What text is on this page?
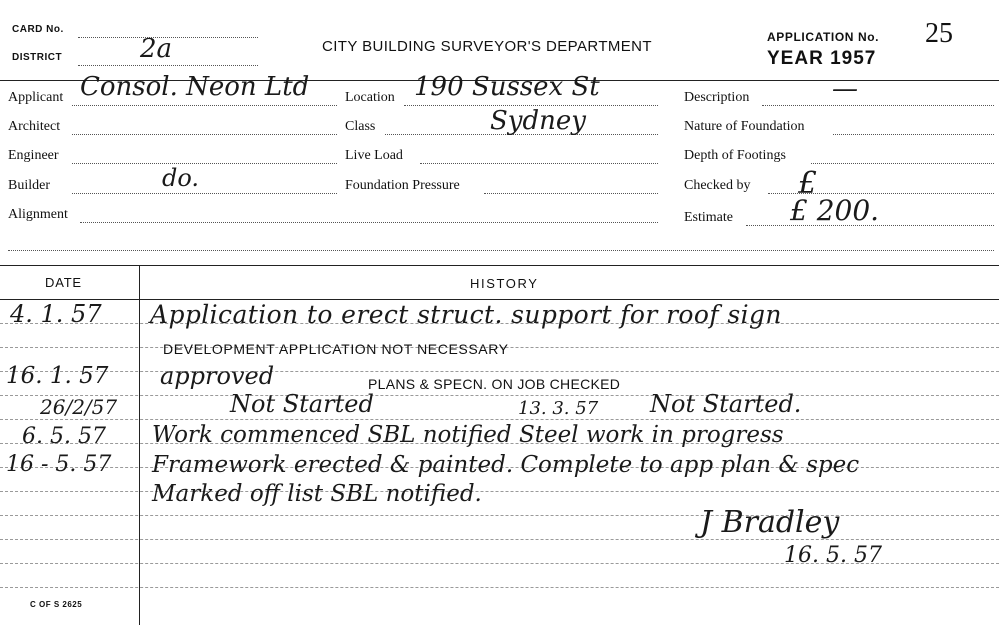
CARD No.
DISTRICT	2a	CITY BUILDING SURVEYOR'S DEPARTMENT
APPLICATION No. 25
YEAR 1957
Applicant Consol. Neon Ltd	Location 190 Sussex St	Description	—
Architect	Class	Sydney	Nature of Foundation
Engineer	Live Load	Depth of Footings
Builder	do.	Foundation Pressure	Checked by £
Alignment	Estimate £ 200.
DATE	HISTORY
4. 1. 57 Application to erect struct. support for roof sign
DEVELOPMENT APPLICATION NOT NECESSARY
16. 1. 57 approved	PLANS & SPECN. ON JOB CHECKED
26/2/57	Not Started	13. 3. 57 Not Started.
6. 5. 57 Work commenced SBL notified Steel work in progress
16 - 5. 57 Framework erected & painted. Complete to app plan & spec
Marked off list SBL notified.
J Bradley
16. 5. 57
C OF S 2625
